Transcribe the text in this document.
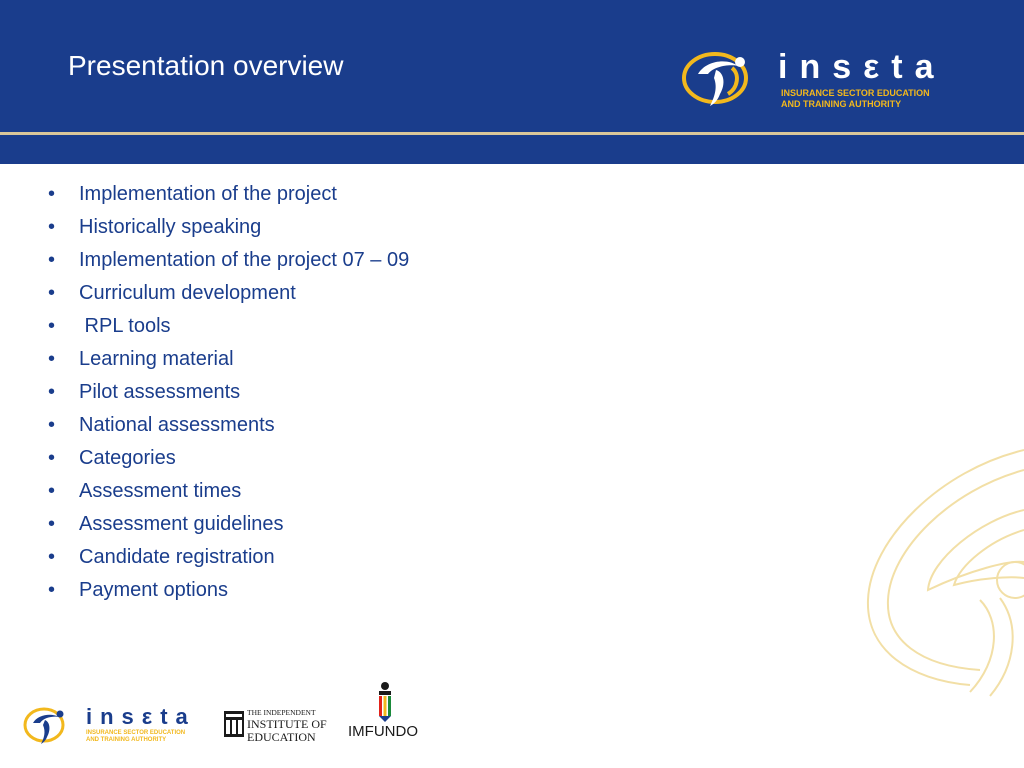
Presentation overview	insεta
INSURANCE SECTOR EDUCATION
AND TRAINING AUTHORITY
• Implementation of the project
• Historically speaking
• Implementation of the project 07 – 09
• Curriculum development
• RPL tools
• Learning material
• Pilot assessments
• National assessments
• Categories
• Assessment times
• Assessment guidelines
• Candidate registration
• Payment options
insεta
INSURANCE SECTOR EDUCATION
AND TRAINING AUTHORITY
THE INDEPENDENT
INSTITUTE OF
EDUCATION	IMFUNDO
